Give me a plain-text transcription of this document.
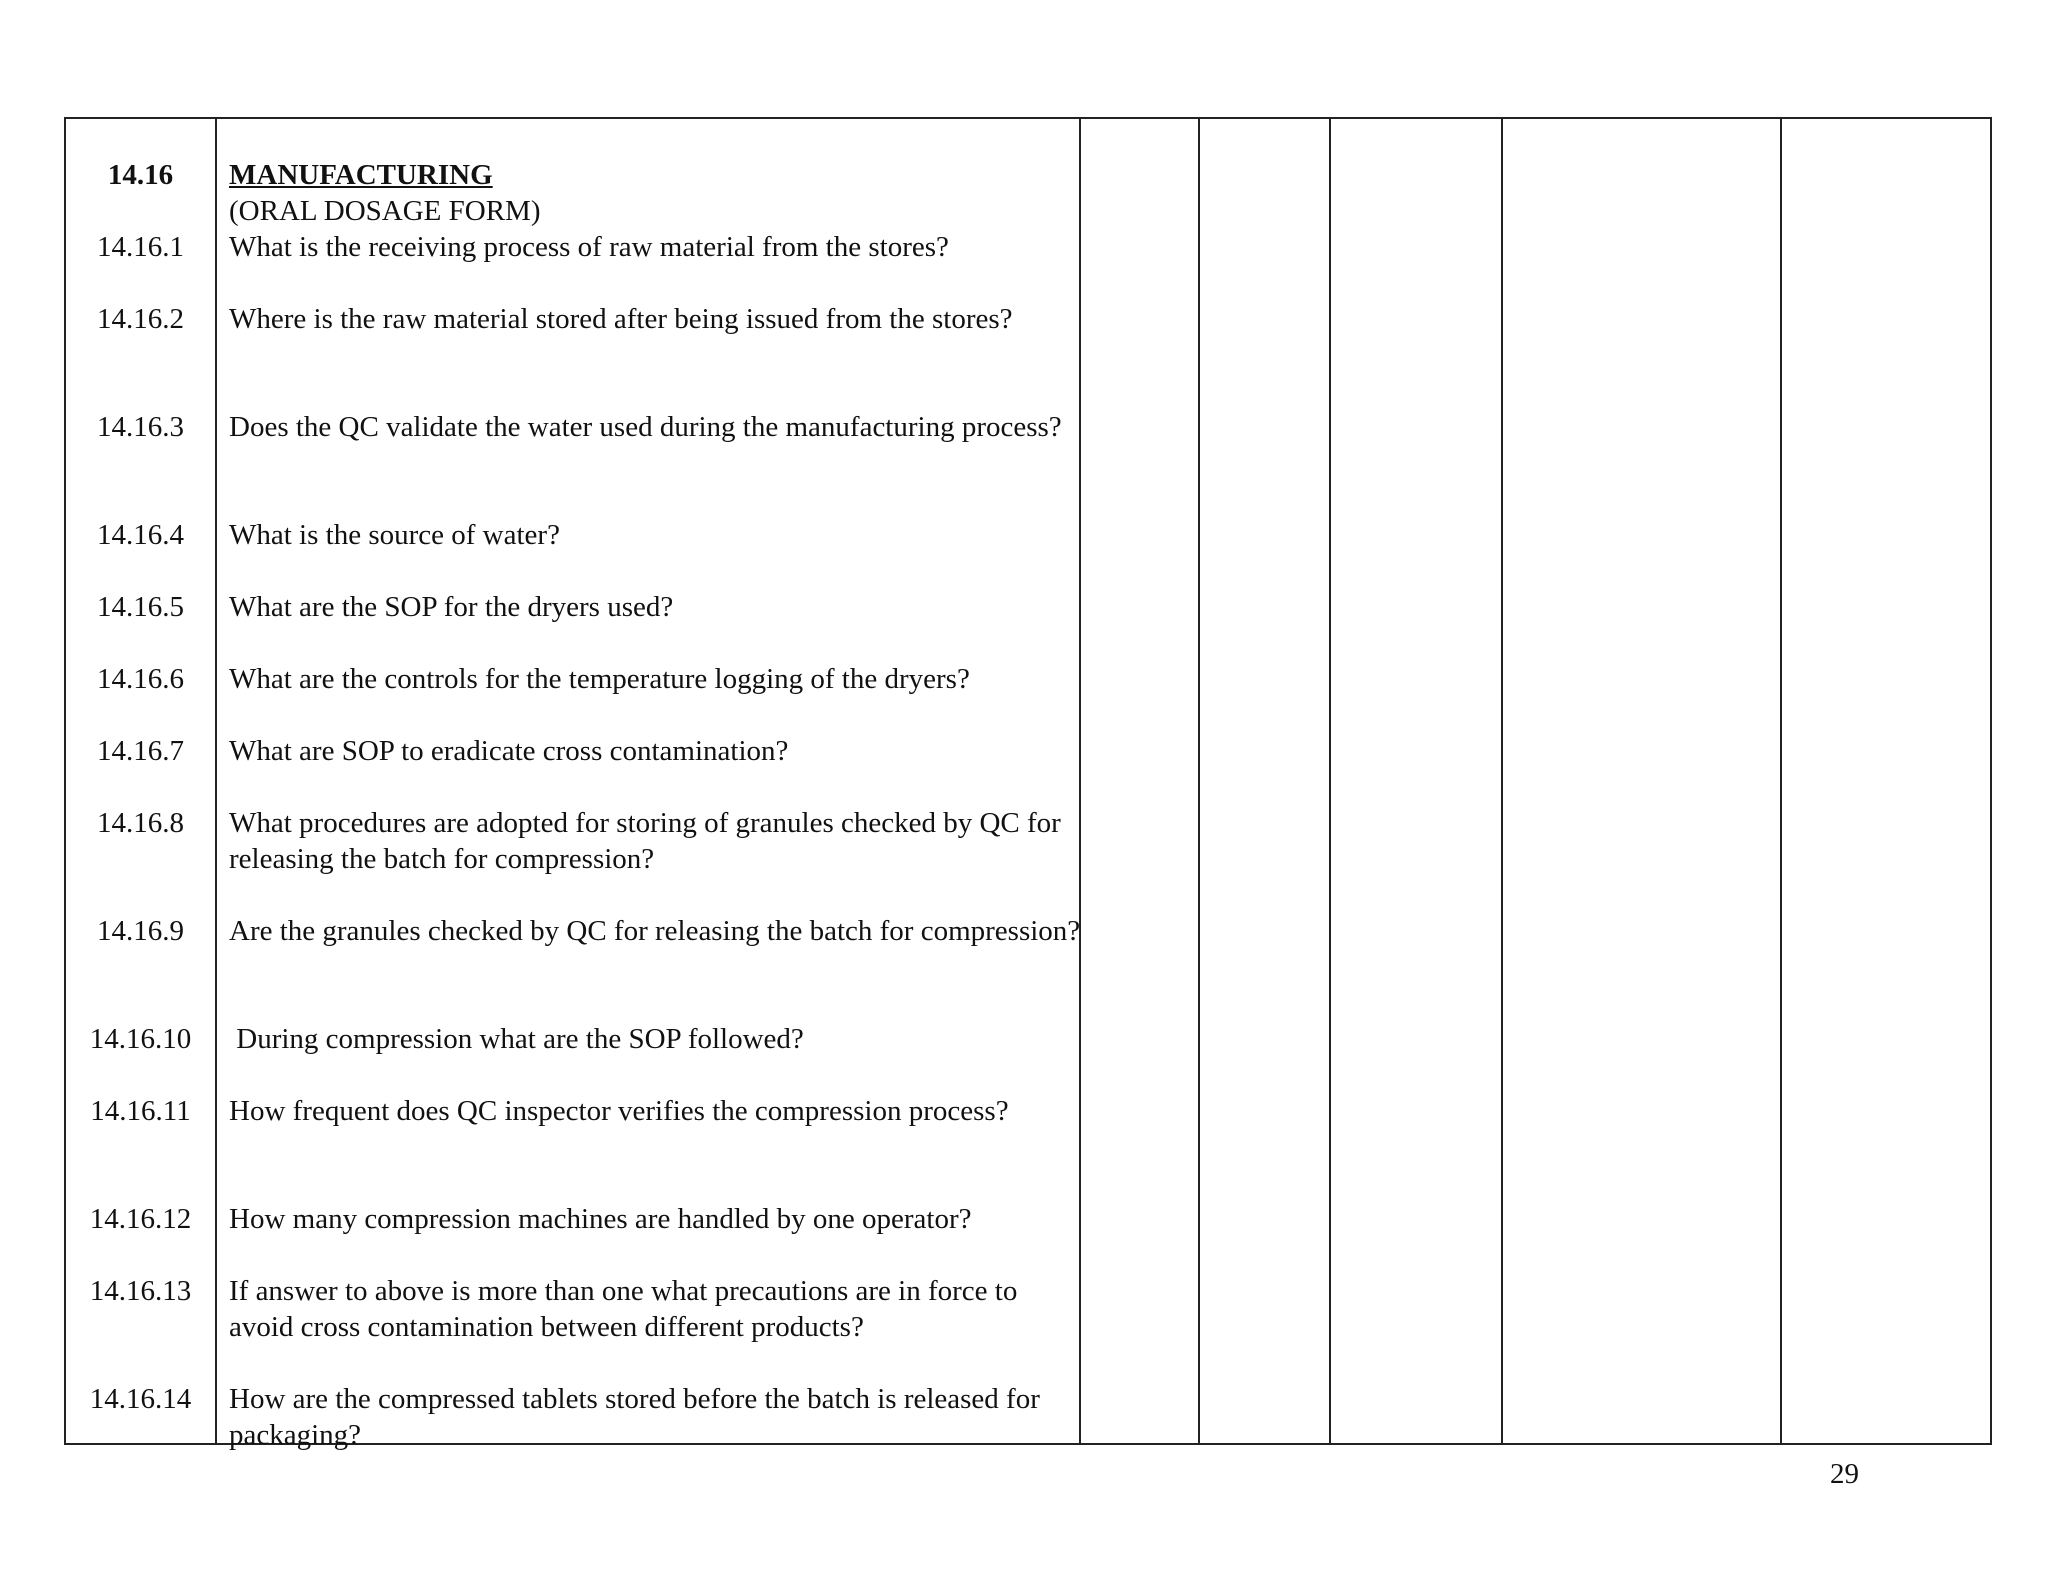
14.16	MANUFACTURING
(ORAL DOSAGE FORM)
14.16.1	What is the receiving process of raw material from the stores?
14.16.2	Where is the raw material stored after being issued from the stores?
14.16.3	Does the QC validate the water used during the manufacturing process?
14.16.4	What is the source of water?
14.16.5	What are the SOP for the dryers used?
14.16.6	What are the controls for the temperature logging of the dryers?
14.16.7	What are SOP to eradicate cross contamination?
14.16.8	What procedures are adopted for storing of granules checked by QC for releasing the batch for compression?
14.16.9	Are the granules checked by QC for releasing the batch for compression?
14.16.10	During compression what are the SOP followed?
14.16.11	How frequent does QC inspector verifies the compression process?
14.16.12	How many compression machines are handled by one operator?
14.16.13	If answer to above is more than one what precautions are in force to avoid cross contamination between different products?
14.16.14	How are the compressed tablets stored before the batch is released for packaging?
29
